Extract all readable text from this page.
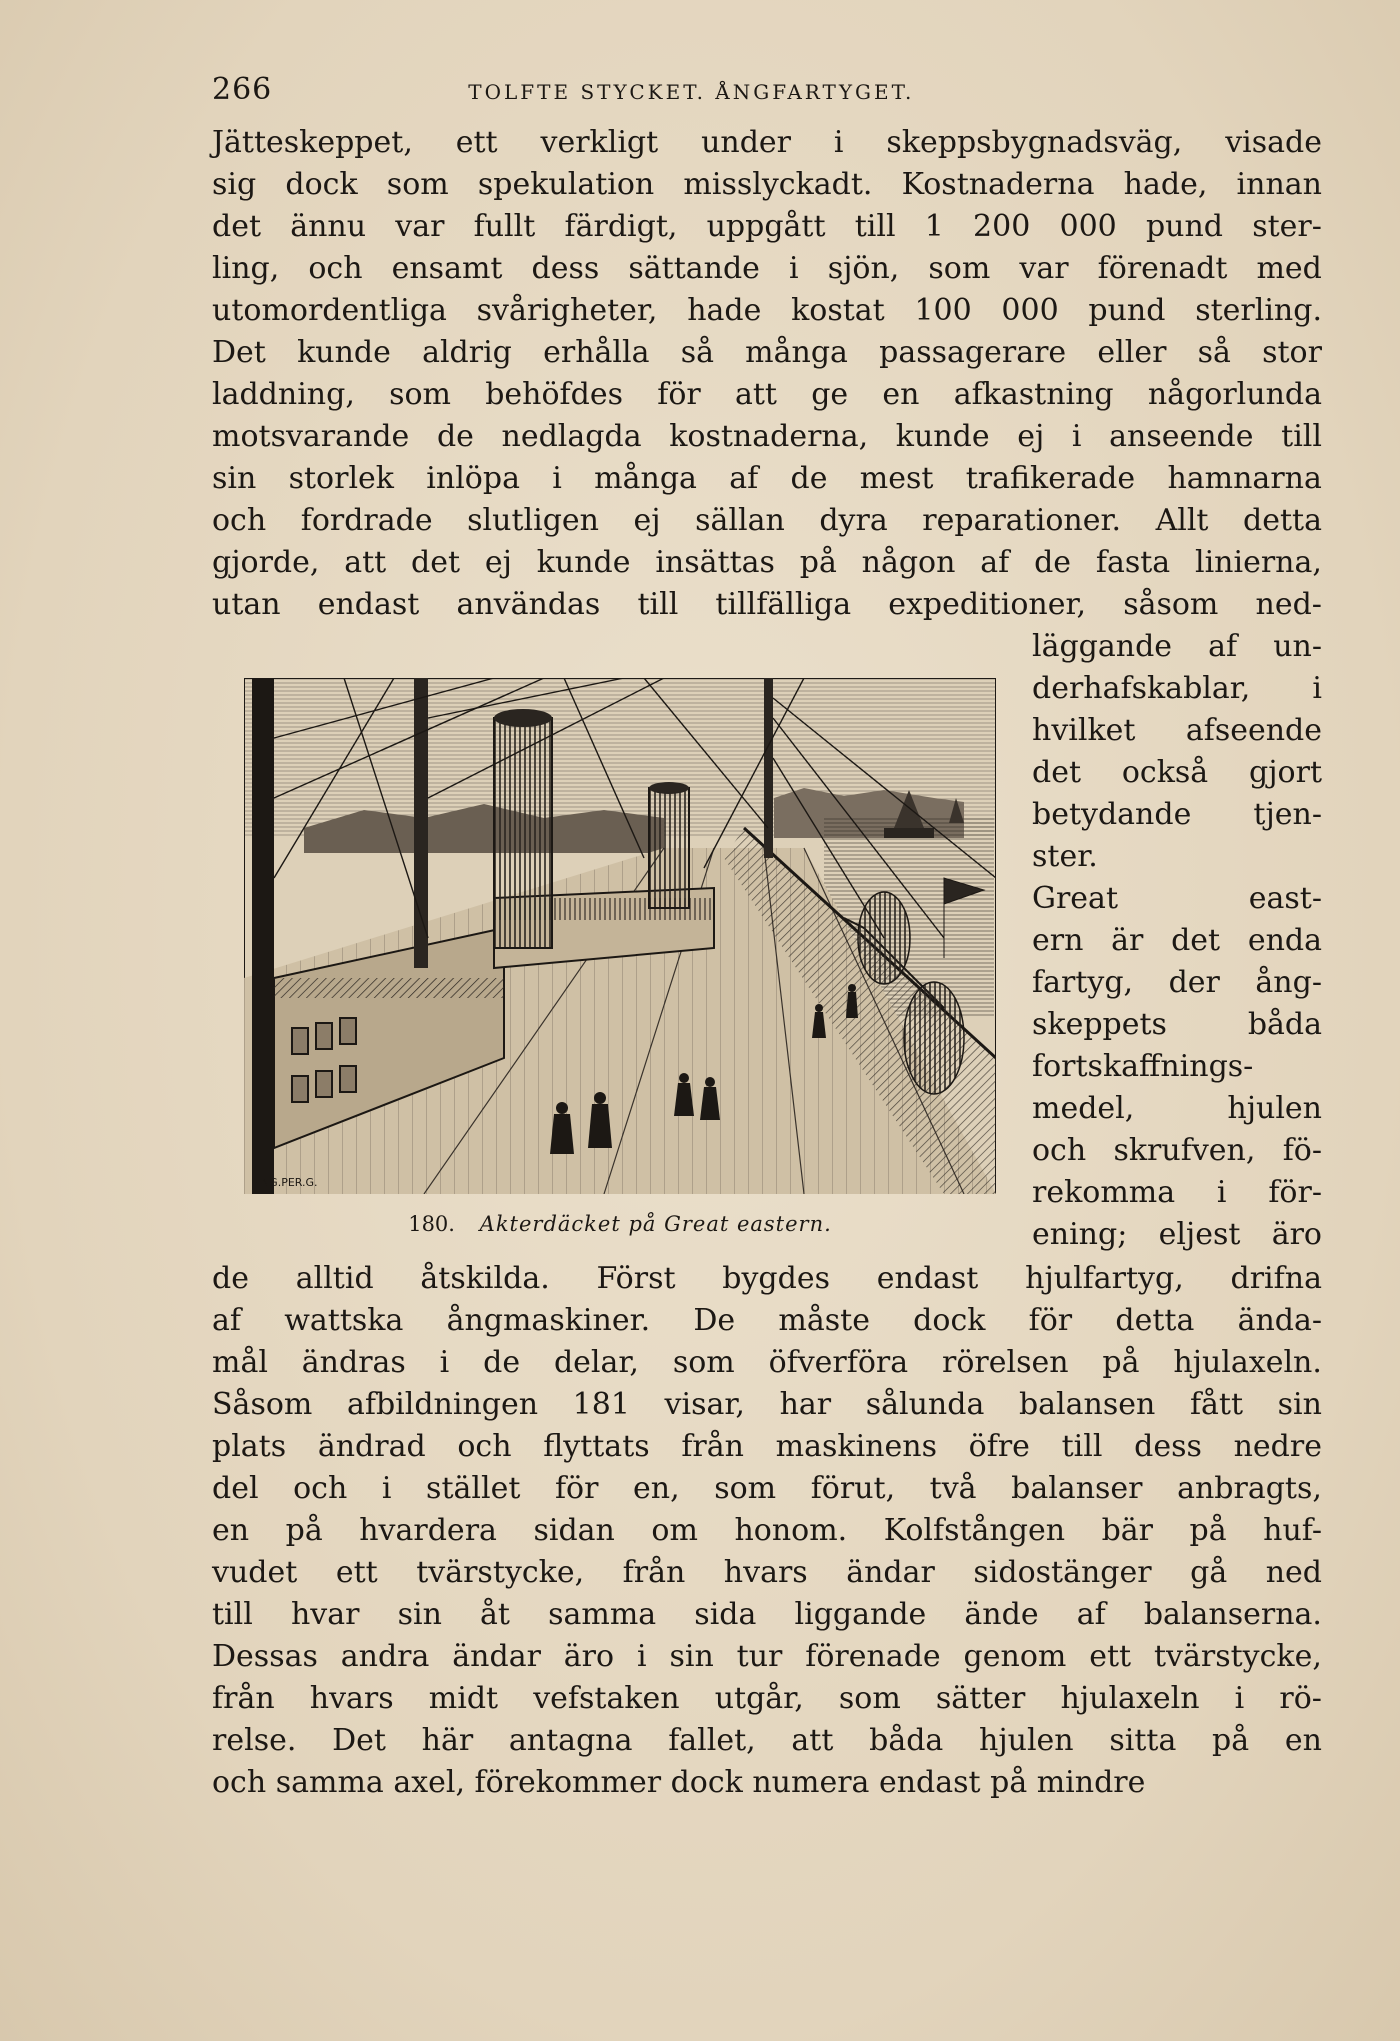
266	TOLFTE STYCKET. ÅNGFARTYGET.
Jätteskeppet, ett verkligt under i skeppsbygnadsväg, visade
sig dock som spekulation misslyckadt. Kostnaderna hade, innan
det ännu var fullt färdigt, uppgått till 1 200 000 pund ster-
ling, och ensamt dess sättande i sjön, som var förenadt med
utomordentliga svårigheter, hade kostat 100 000 pund sterling.
Det kunde aldrig erhålla så många passagerare eller så stor
laddning, som behöfdes för att ge en afkastning någorlunda
motsvarande de nedlagda kostnaderna, kunde ej i anseende till
sin storlek inlöpa i många af de mest trafikerade hamnarna
och fordrade slutligen ej sällan dyra reparationer. Allt detta
gjorde, att det ej kunde insättas på någon af de fasta linierna,
utan endast användas till tillfälliga expeditioner, såsom ned-
läggande af un-
derhafskablar, i
hvilket afseende
det också gjort
betydande tjen-
ster.
Great	east-
ern är det enda
fartyg, der ång-
skeppets	båda
fortskaffnings-
medel,	hjulen
och skrufven, fö-
rekomma i för-
ening; eljest äro
de alltid åtskilda. Först bygdes endast hjulfartyg, drifna
af wattska ångmaskiner. De måste dock för detta ända-
mål ändras i de delar, som öfverföra rörelsen på hjulaxeln.
Såsom afbildningen 181 visar, har sålunda balansen fått sin
plats ändrad och flyttats från maskinens öfre till dess nedre
del och i stället för en, som förut, två balanser anbragts,
en på hvardera sidan om honom. Kolfstången bär på huf-
vudet ett tvärstycke, från hvars ändar sidostänger gå ned
till hvar sin åt samma sida liggande ände af balanserna.
Dessas andra ändar äro i sin tur förenade genom ett tvärstycke,
från hvars midt vefstaken utgår, som sätter hjulaxeln i rö-
relse. Det här antagna fallet, att båda hjulen sitta på en
och samma axel, förekommer dock numera endast på mindre
ENG.PER.G.
180. Akterdäcket på Great eastern.
